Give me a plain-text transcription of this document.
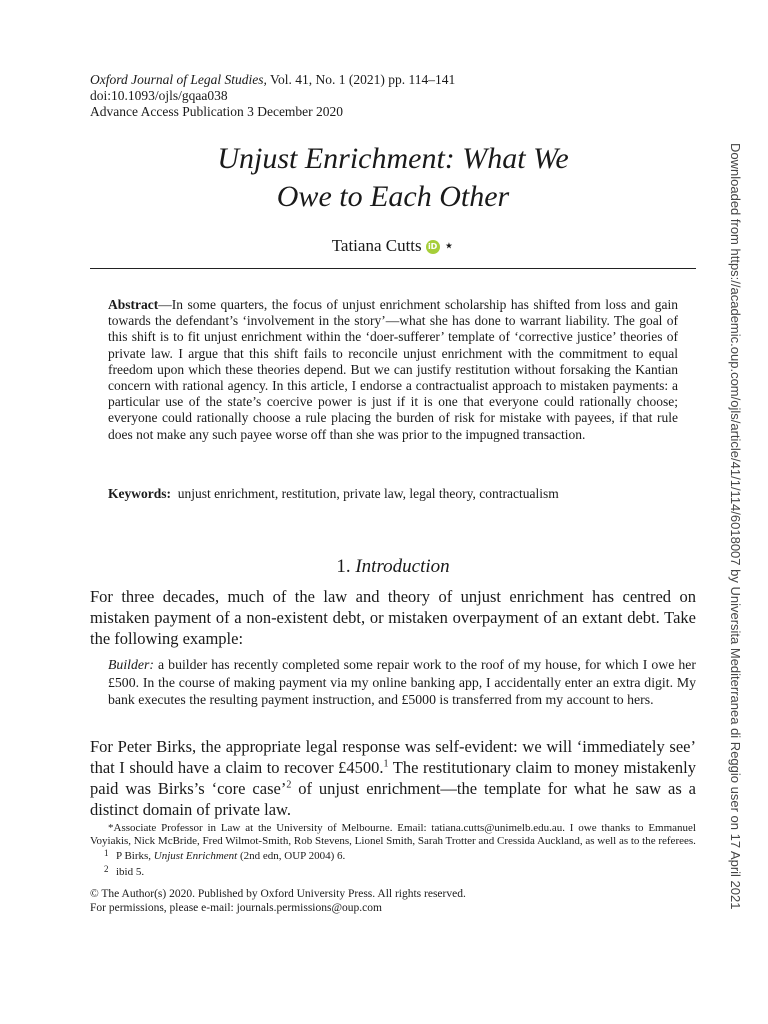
Oxford Journal of Legal Studies, Vol. 41, No. 1 (2021) pp. 114–141
doi:10.1093/ojls/gqaa038
Advance Access Publication 3 December 2020
Unjust Enrichment: What We
Owe to Each Other
Tatiana Cutts iD ⋆
Abstract—In some quarters, the focus of unjust enrichment scholarship has shifted from loss and gain towards the defendant’s ‘involvement in the story’—what she has done to warrant liability. The goal of this shift is to fit unjust enrichment within the ‘doer-sufferer’ template of ‘corrective justice’ theories of private law. I argue that this shift fails to reconcile unjust enrichment with the commitment to equal freedom upon which these theories depend. But we can justify restitution without forsaking the Kantian concern with rational agency. In this article, I endorse a contractualist approach to mistaken payments: a particular use of the state’s coercive power is just if it is one that everyone could rationally choose; everyone could rationally choose a rule placing the burden of risk for mistake with payees, if that rule does not make any such payee worse off than she was prior to the impugned transaction.
Keywords: unjust enrichment, restitution, private law, legal theory, contractualism
1. Introduction
For three decades, much of the law and theory of unjust enrichment has centred on mistaken payment of a non-existent debt, or mistaken overpayment of an extant debt. Take the following example:
Builder: a builder has recently completed some repair work to the roof of my house, for which I owe her £500. In the course of making payment via my online banking app, I accidentally enter an extra digit. My bank executes the resulting payment instruction, and £5000 is transferred from my account to hers.
For Peter Birks, the appropriate legal response was self-evident: we will ‘immediately see’ that I should have a claim to recover £4500.$^1$ The restitutionary claim to money mistakenly paid was Birks’s ‘core case’$^2$ of unjust enrichment—the template for what he saw as a distinct domain of private law.
*Associate Professor in Law at the University of Melbourne. Email: tatiana.cutts@unimelb.edu.au. I owe thanks to Emmanuel Voyiakis, Nick McBride, Fred Wilmot-Smith, Rob Stevens, Lionel Smith, Sarah Trotter and Cressida Auckland, as well as to the referees.
1 P Birks, Unjust Enrichment (2nd edn, OUP 2004) 6.
2 ibid 5.
© The Author(s) 2020. Published by Oxford University Press. All rights reserved.
For permissions, please e-mail: journals.permissions@oup.com	Downloaded from https://academic.oup.com/ojls/article/41/1/114/6018007 by Universita Mediterranea di Reggio user on 17 April 2021
